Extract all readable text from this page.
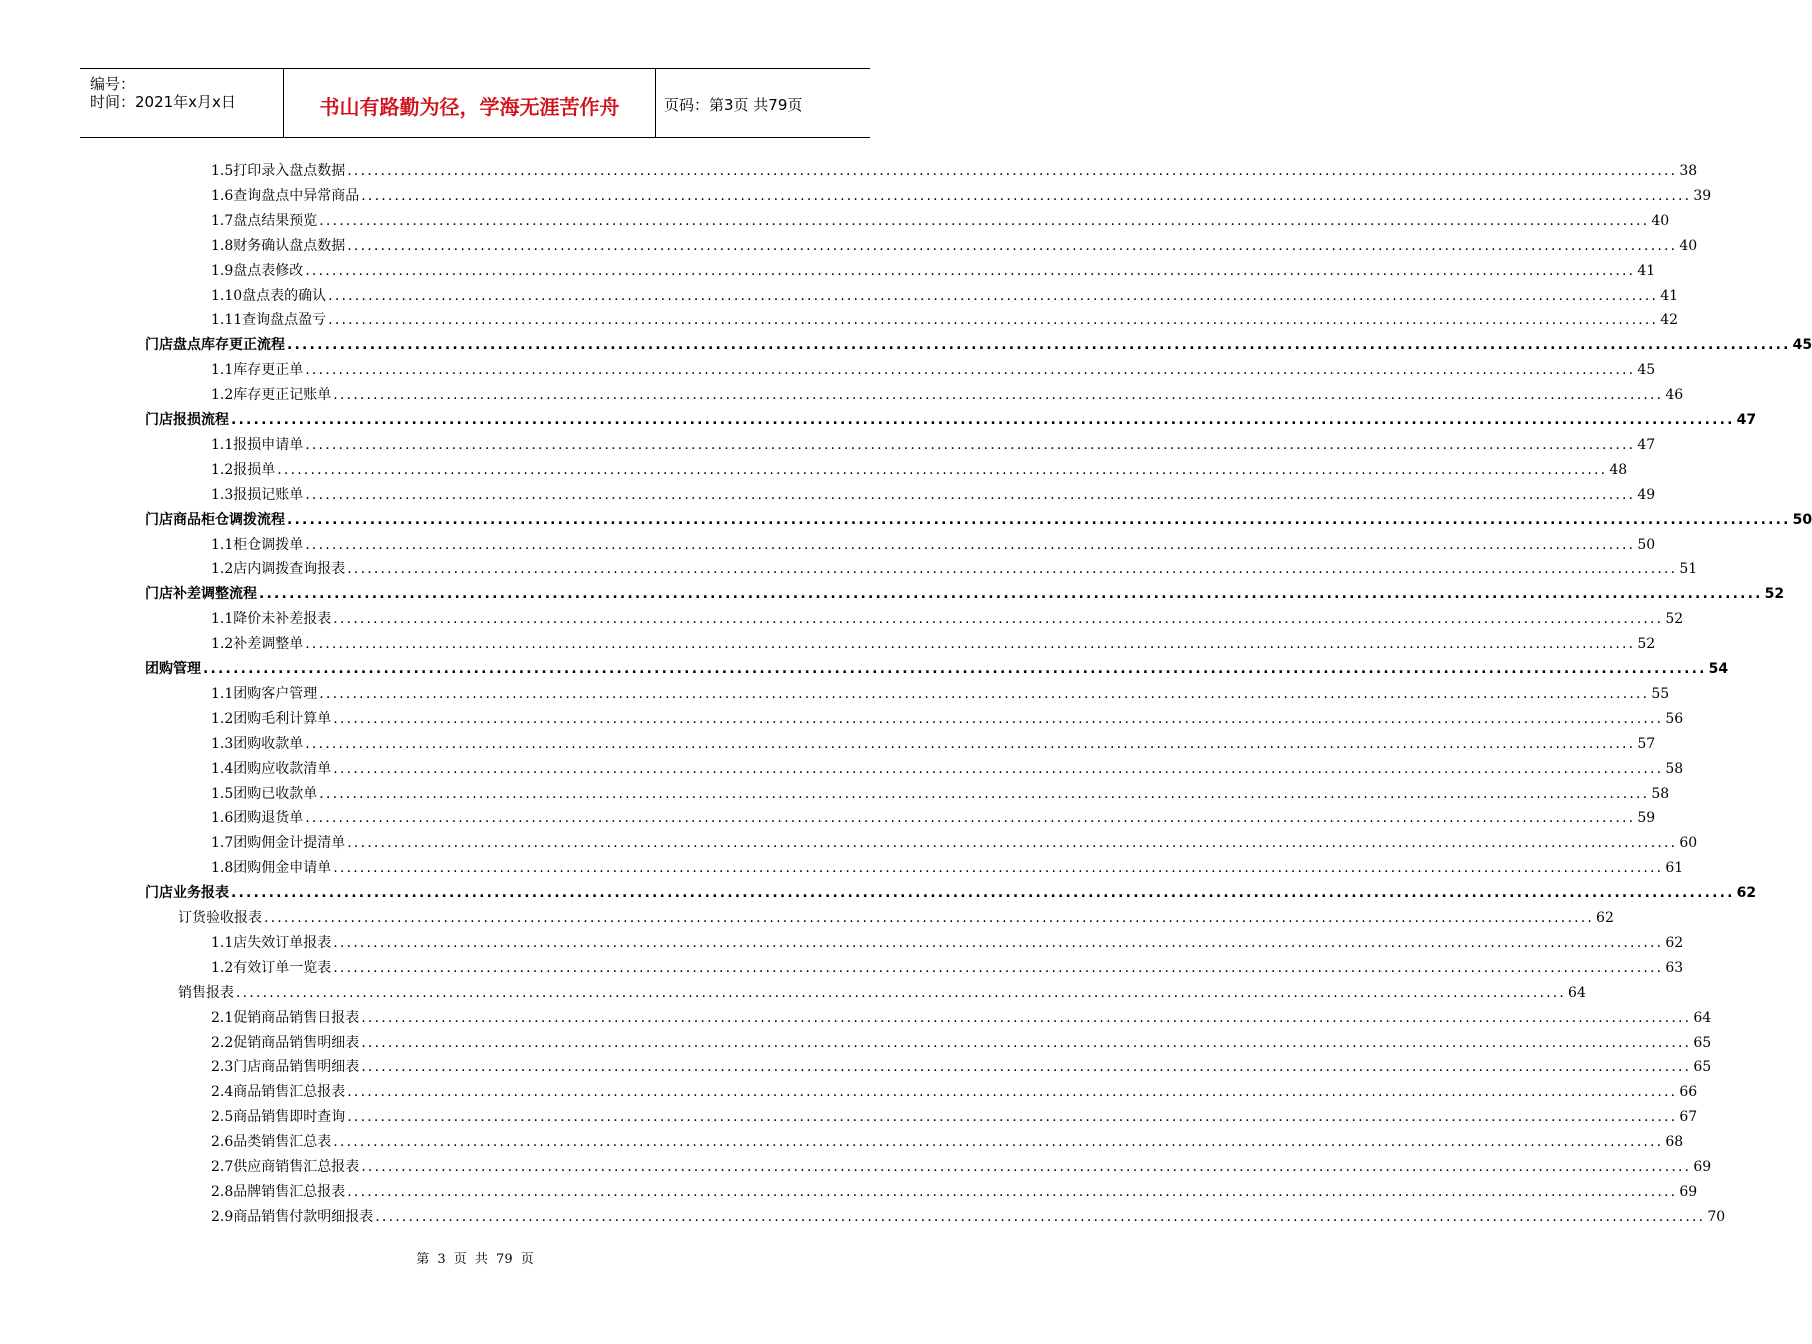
编号：
时间：2021年x月x日	书山有路勤为径，学海无涯苦作舟	页码：第3页 共79页
1.5打印录入盘点数据 ........................................................................................................................................................................................................ 38
1.6查询盘点中异常商品 ........................................................................................................................................................................................................ 39
1.7盘点结果预览 ........................................................................................................................................................................................................ 40
1.8财务确认盘点数据 ........................................................................................................................................................................................................ 40
1.9盘点表修改 ........................................................................................................................................................................................................ 41
1.10盘点表的确认 ........................................................................................................................................................................................................ 41
1.11查询盘点盈亏 ........................................................................................................................................................................................................ 42
门店盘点库存更正流程 ........................................................................................................................................................................................................ 45
1.1库存更正单 ........................................................................................................................................................................................................ 45
1.2库存更正记账单 ........................................................................................................................................................................................................ 46
门店报损流程 ........................................................................................................................................................................................................ 47
1.1报损申请单 ........................................................................................................................................................................................................ 47
1.2报损单 ........................................................................................................................................................................................................ 48
1.3报损记账单 ........................................................................................................................................................................................................ 49
门店商品柜仓调拨流程 ........................................................................................................................................................................................................ 50
1.1柜仓调拨单 ........................................................................................................................................................................................................ 50
1.2店内调拨查询报表 ........................................................................................................................................................................................................ 51
门店补差调整流程 ........................................................................................................................................................................................................ 52
1.1降价未补差报表 ........................................................................................................................................................................................................ 52
1.2补差调整单 ........................................................................................................................................................................................................ 52
团购管理 ........................................................................................................................................................................................................ 54
1.1团购客户管理 ........................................................................................................................................................................................................ 55
1.2团购毛利计算单 ........................................................................................................................................................................................................ 56
1.3团购收款单 ........................................................................................................................................................................................................ 57
1.4团购应收款清单 ........................................................................................................................................................................................................ 58
1.5团购已收款单 ........................................................................................................................................................................................................ 58
1.6团购退货单 ........................................................................................................................................................................................................ 59
1.7团购佣金计提清单 ........................................................................................................................................................................................................ 60
1.8团购佣金申请单 ........................................................................................................................................................................................................ 61
门店业务报表 ........................................................................................................................................................................................................ 62
订货验收报表 ........................................................................................................................................................................................................ 62
1.1店失效订单报表 ........................................................................................................................................................................................................ 62
1.2有效订单一览表 ........................................................................................................................................................................................................ 63
销售报表 ........................................................................................................................................................................................................ 64
2.1促销商品销售日报表 ........................................................................................................................................................................................................ 64
2.2促销商品销售明细表 ........................................................................................................................................................................................................ 65
2.3门店商品销售明细表 ........................................................................................................................................................................................................ 65
2.4商品销售汇总报表 ........................................................................................................................................................................................................ 66
2.5商品销售即时查询 ........................................................................................................................................................................................................ 67
2.6品类销售汇总表 ........................................................................................................................................................................................................ 68
2.7供应商销售汇总报表 ........................................................................................................................................................................................................ 69
2.8品牌销售汇总报表 ........................................................................................................................................................................................................ 69
2.9商品销售付款明细报表 ........................................................................................................................................................................................................ 70
第 3 页 共 79 页
